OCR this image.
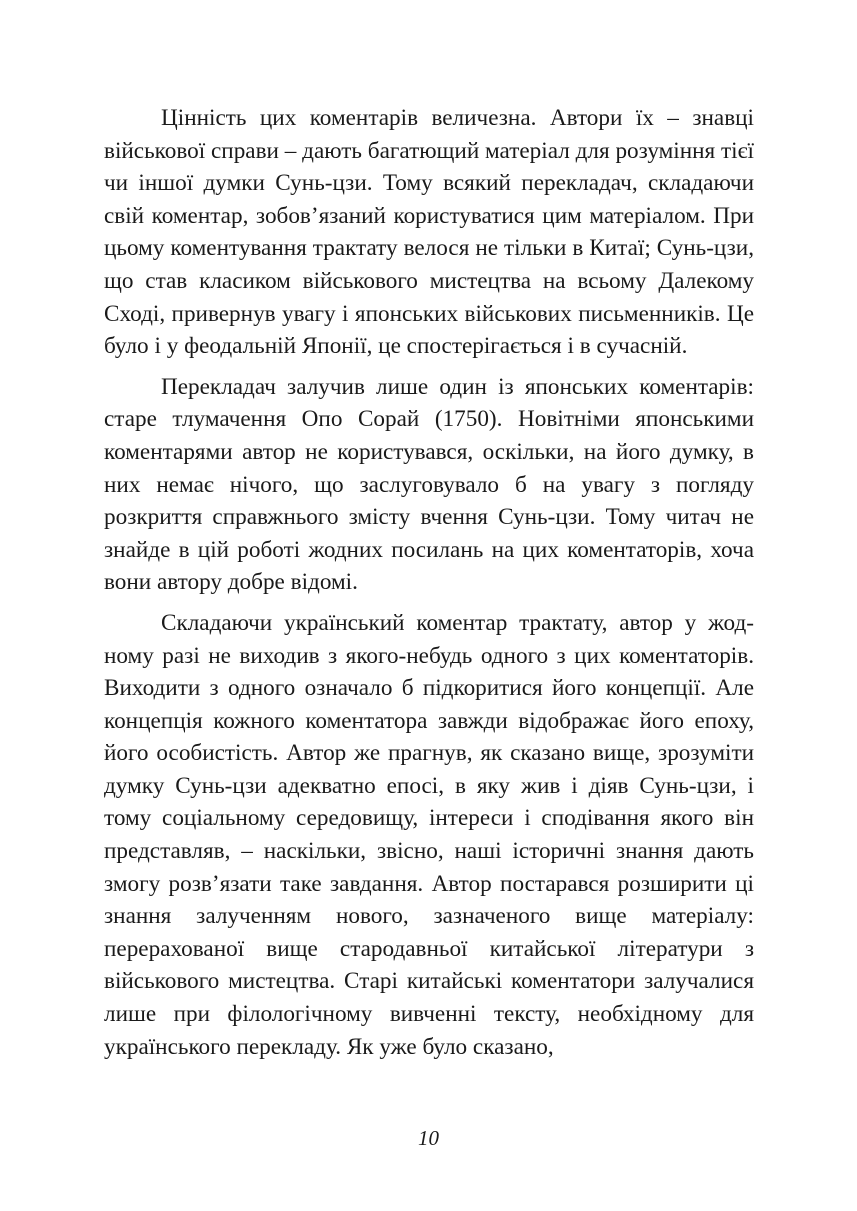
Цінність цих коментарів величезна. Автори їх – знавці військової справи – дають багатющий матеріал для розуміння тієї чи іншої думки Сунь-цзи. Тому всякий перекладач, складаючи свій коментар, зобов’язаний користуватися цим матеріалом. При цьому коментування трактату велося не тільки в Китаї; Сунь-цзи, що став класиком військового мистецтва на всьому Далекому Сході, привернув увагу і японських військових письменників. Це було і у феодальній Японії, це спостерігається і в сучасній.

Перекладач залучив лише один із японських коментарів: старе тлумачення Опо Сорай (1750). Новітніми японськими коментарями автор не користувався, оскільки, на його думку, в них немає нічого, що заслуговувало б на увагу з погляду розкриття справжнього змісту вчення Сунь-цзи. Тому читач не знайде в цій роботі жодних посилань на цих коментаторів, хоча вони автору добре відомі.

Складаючи український коментар трактату, автор у жодному разі не виходив з якого-небудь одного з цих коментаторів. Виходити з одного означало б підкоритися його концепції. Але концепція кожного коментатора завжди відображає його епоху, його особистість. Автор же прагнув, як сказано вище, зрозуміти думку Сунь-цзи адекватно епосі, в яку жив і діяв Сунь-цзи, і тому соціальному середовищу, інтереси і сподівання якого він представляв, – наскільки, звісно, наші історичні знання дають змогу розв’язати таке завдання. Автор постарався розширити ці знання залученням нового, зазначеного вище матеріалу: перерахованої вище стародавньої китайської літератури з військового мистецтва. Старі китайські коментатори залучалися лише при філологічному вивченні тексту, необхідному для українського перекладу. Як уже було сказано,

10
